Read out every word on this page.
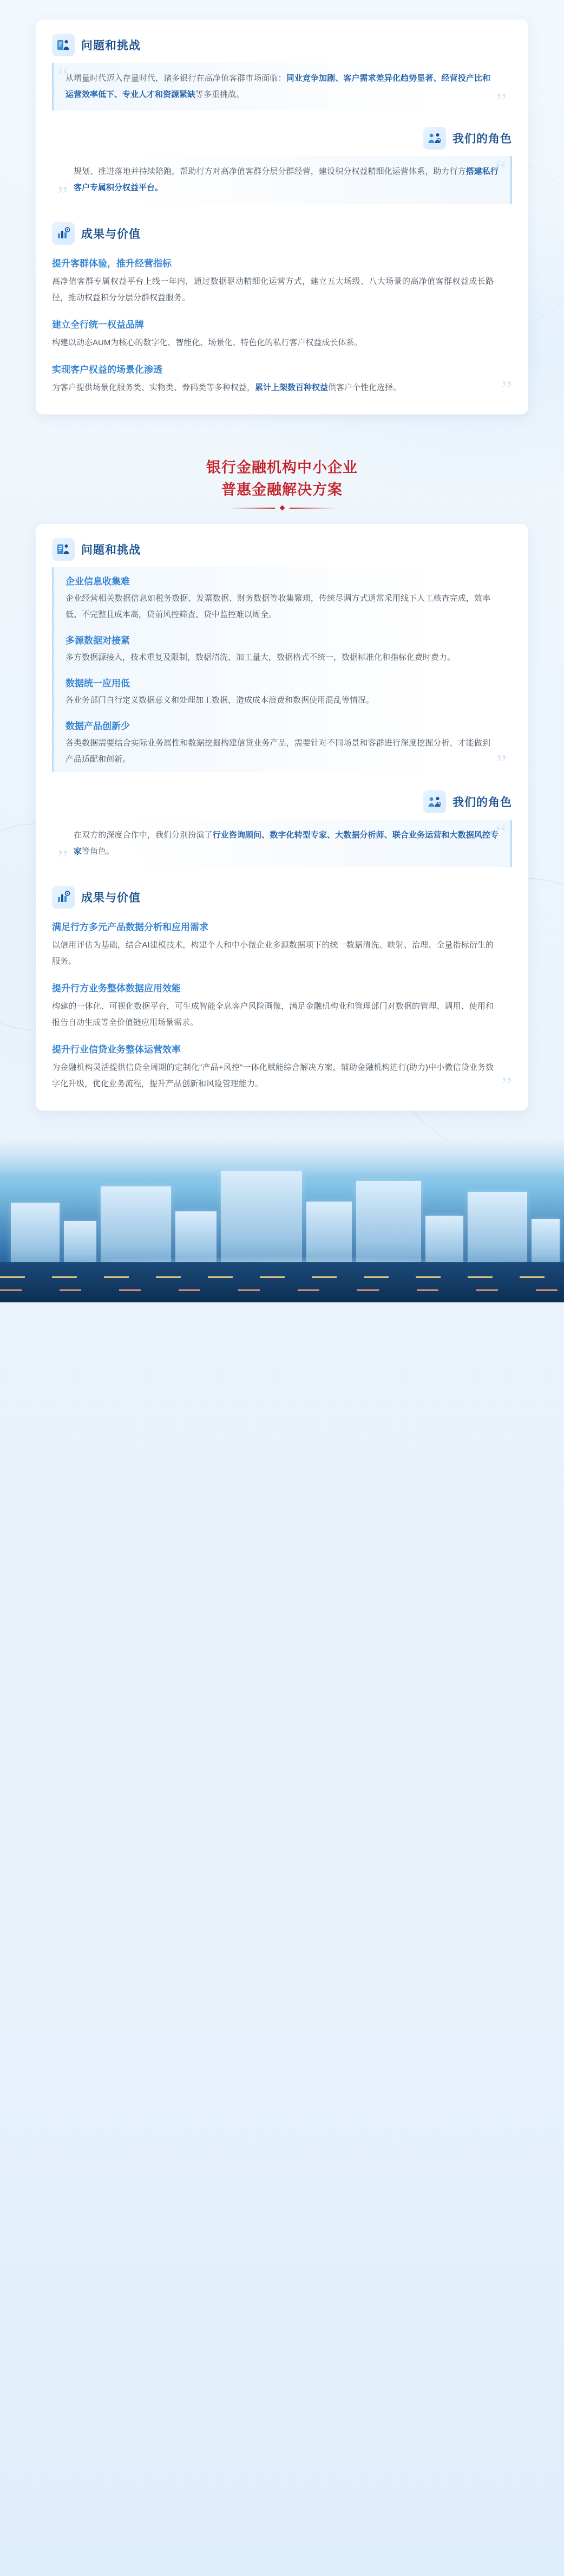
问题和挑战
“

从增量时代迈入存量时代，诸多银行在高净值客群市场面临：同业竞争加剧、客户需求差异化趋势显著、经营投产比和运营效率低下、专业人才和资源紧缺等多重挑战。	”
我们的角色
“

规划、推进落地并持续陪跑，帮助行方对高净值客群分层分群经营，建设积分权益精细化运营体系，助力行方搭建私行客户专属积分权益平台。

”
成果与价值
提升客群体验，推升经营指标
高净值客群专属权益平台上线一年内，通过数据驱动精细化运营方式，建立五大场级、八大场景的高净值客群权益成长路径，推动权益积分分层分群权益服务。
建立全行统一权益品牌
构建以动态AUM为核心的数字化、智能化、场景化、特色化的私行客户权益成长体系。
实现客户权益的场景化渗透
为客户提供场景化服务类、实物类、券码类等多种权益，累计上架数百种权益供客户个性化选择。	”
银行金融机构中小企业
普惠金融解决方案
问题和挑战
企业信息收集难
企业经营相关数据信息如税务数据、发票数据、财务数据等收集繁琐，传统尽调方式通常采用线下人工核查完成，效率低、不完整且成本高，贷前风控筛查、贷中监控难以周全。
多源数据对接紧
多方数据源接入，技术重复及限制，数据清洗、加工量大，数据格式不统一，数据标准化和指标化费时费力。
数据统一应用低
各业务部门自行定义数据意义和处理加工数据，造成成本浪费和数据使用混乱等情况。
数据产品创新少
各类数据需要结合实际业务属性和数据挖掘构建信贷业务产品，需要针对不同场景和客群进行深度挖掘分析，才能做到产品适配和创新。	”
我们的角色
“

在双方的深度合作中，我们分别扮演了行业咨询顾问、数字化转型专家、大数据分析师、联合业务运营和大数据风控专家等角色。

”
成果与价值
满足行方多元产品数据分析和应用需求
以信用评估为基础，结合AI建模技术，构建个人和中小微企业多源数据项下的统一数据清洗、映射、治理、全量指标衍生的服务。
提升行方业务整体数据应用效能
构建的一体化、可视化数据平台，可生成智能全息客户风险画像，满足金融机构业和管理部门对数据的管理、调用、使用和报告自动生成等全价值链应用场景需求。
提升行业信贷业务整体运营效率
为金融机构灵活提供信贷全周期的定制化"产品+风控"一体化赋能综合解决方案，辅助金融机构进行(助力)中小微信贷业务数字化升级，优化业务流程，提升产品创新和风险管理能力。	”
